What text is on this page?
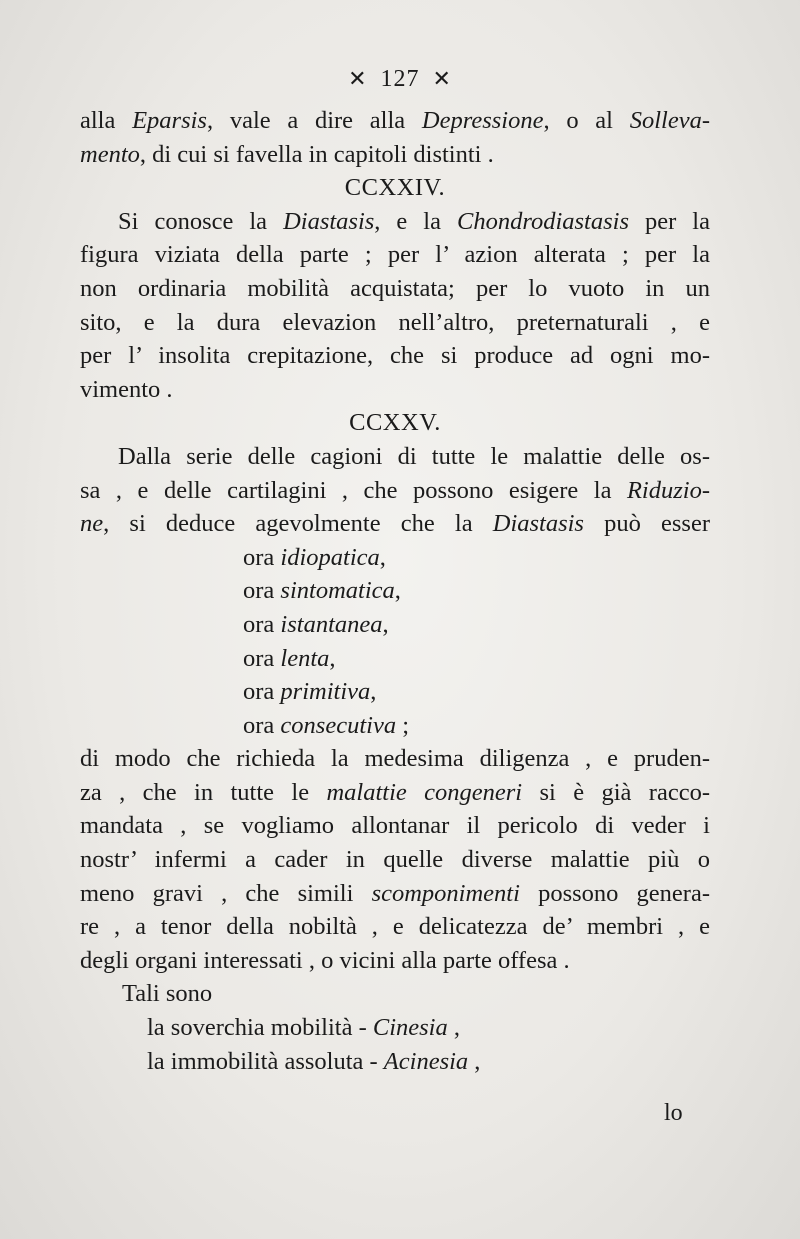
✕ 127 ✕
alla Eparsis, vale a dire alla Depressione, o al Solleva-
mento, di cui si favella in capitoli distinti .
CCXXIV.
Si conosce la Diastasis, e la Chondrodiastasis per la
figura viziata della parte ; per l’ azion alterata ; per la
non ordinaria mobilità acquistata; per lo vuoto in un
sito, e la dura elevazion nell’altro, preternaturali , e
per l’ insolita crepitazione, che si produce ad ogni mo-
vimento .
CCXXV.
Dalla serie delle cagioni di tutte le malattie delle os-
sa , e delle cartilagini , che possono esigere la Riduzio-
ne, si deduce agevolmente che la Diastasis può esser
ora idiopatica,
ora sintomatica,
ora istantanea,
ora lenta,
ora primitiva,
ora consecutiva ;
di modo che richieda la medesima diligenza , e pruden-
za , che in tutte le malattie congeneri si è già racco-
mandata , se vogliamo allontanar il pericolo di veder i
nostr’ infermi a cader in quelle diverse malattie più o
meno gravi , che simili scomponimenti possono genera-
re , a tenor della nobiltà , e delicatezza de’ membri , e
degli organi interessati , o vicini alla parte offesa .
Tali sono
la soverchia mobilità - Cinesia ,
la immobilità assoluta - Acinesia ,
lo
